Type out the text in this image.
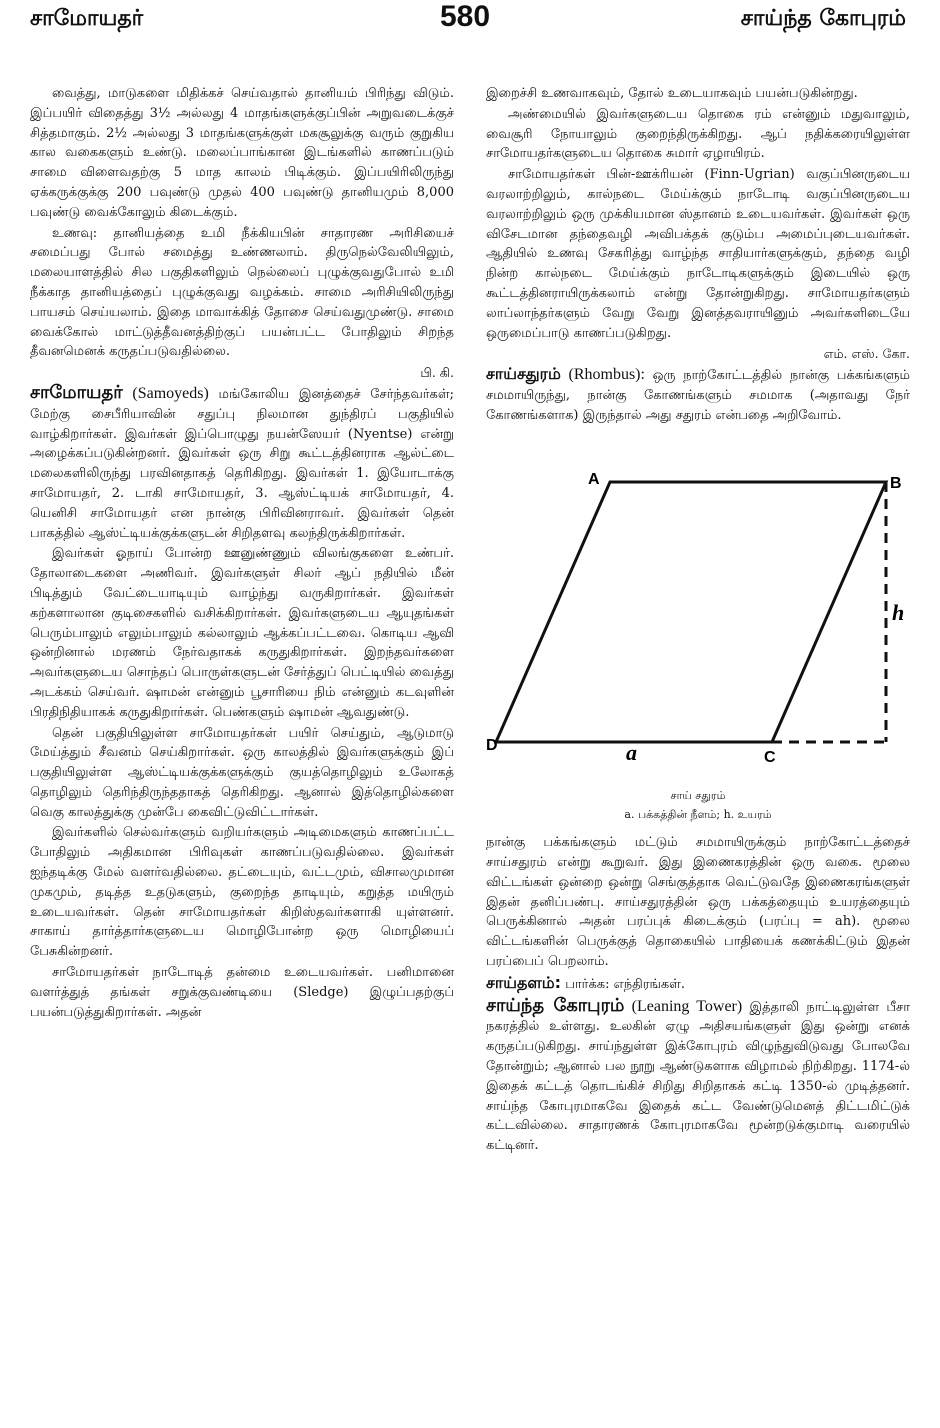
சாமோயதர்	580	சாய்ந்த கோபுரம்

வைத்து, மாடுகளை மிதிக்கச் செய்வதால் தானியம் பிரிந்து விடும். இப்பயிர் விதைத்து 3½ அல்லது 4 மாதங்களுக்குப்பின் அறுவடைக்குச் சித்தமாகும். 2½ அல்லது 3 மாதங்களுக்குள் மகசூலுக்கு வரும் குறுகிய கால வகைகளும் உண்டு. மலைப்பாங்கான இடங்களில் காணப்படும் சாமை விளைவதற்கு 5 மாத காலம் பிடிக்கும். இப்பயிரிலிருந்து ஏக்கருக்குக்கு 200 பவுண்டு முதல் 400 பவுண்டு தானியமும் 8,000 பவுண்டு வைக்கோலும் கிடைக்கும்.

உணவு: தானியத்தை உமி நீக்கியபின் சாதாரண அரிசியைச் சமைப்பது போல் சமைத்து உண்ணலாம். திருநெல்வேலியிலும், மலையாளத்தில் சில பகுதிகளிலும் நெல்லைப் புழுக்குவதுபோல் உமி நீக்காத தானியத்தைப் புழுக்குவது வழக்கம். சாமை அரிசியிலிருந்து பாயசம் செய்யலாம். இதை மாவாக்கித் தோசை செய்வதுமுண்டு. சாமை வைக்கோல் மாட்டுத்தீவனத்திற்குப் பயன்பட்ட போதிலும் சிறந்த தீவனமெனக் கருதப்படுவதில்லை.

பி. கி.

சாமோயதர் (Samoyeds) மங்கோலிய இனத்தைச் சேர்ந்தவர்கள்; மேற்கு சைபீரியாவின் சதுப்பு நிலமான துந்திரப் பகுதியில் வாழ்கிறார்கள். இவர்கள் இப்பொழுது நயன்ஸேயர் (Nyentse) என்று அழைக்கப்படுகின்றனர். இவர்கள் ஒரு சிறு கூட்டத்தினராக ஆல்ட்டை மலைகளிலிருந்து பரவினதாகத் தெரிகிறது. இவர்கள் 1. இயோடாக்கு சாமோயதர், 2. டாகி சாமோயதர், 3. ஆஸ்ட்டியக் சாமோயதர், 4. யெனிசி சாமோயதர் என நான்கு பிரிவினராவர். இவர்கள் தென் பாகத்தில் ஆஸ்ட்டியக்குக்களுடன் சிறிதளவு கலந்திருக்கிறார்கள்.

இவர்கள் ஓநாய் போன்ற ஊனுண்ணும் விலங்குகளை உண்பர். தோலாடைகளை அணிவர். இவர்களுள் சிலர் ஆப் நதியில் மீன் பிடித்தும் வேட்டையாடியும் வாழ்ந்து வருகிறார்கள். இவர்கள் கற்களாலான குடிசைகளில் வசிக்கிறார்கள். இவர்களுடைய ஆயுதங்கள் பெரும்பாலும் எலும்பாலும் கல்லாலும் ஆக்கப்பட்டவை. கொடிய ஆவி ஒன்றினால் மரணம் நேர்வதாகக் கருதுகிறார்கள். இறந்தவர்களை அவர்களுடைய சொந்தப் பொருள்களுடன் சேர்த்துப் பெட்டியில் வைத்து அடக்கம் செய்வர். ஷாமன் என்னும் பூசாரியை நிம் என்னும் கடவுளின் பிரதிநிதியாகக் கருதுகிறார்கள். பெண்களும் ஷாமன் ஆவதுண்டு.

தென் பகுதியிலுள்ள சாமோயதர்கள் பயிர் செய்தும், ஆடுமாடு மேய்த்தும் சீவனம் செய்கிறார்கள். ஒரு காலத்தில் இவர்களுக்கும் இப் பகுதியிலுள்ள ஆஸ்ட்டியக்குக்களுக்கும் குயத்தொழிலும் உலோகத் தொழிலும் தெரிந்திருந்ததாகத் தெரிகிறது. ஆனால் இத்தொழில்களை வெகு காலத்துக்கு முன்பே கைவிட்டுவிட்டார்கள்.

இவர்களில் செல்வர்களும் வறியர்களும் அடிமைகளும் காணப்பட்ட போதிலும் அதிகமான பிரிவுகள் காணப்படுவதில்லை. இவர்கள் ஐந்தடிக்கு மேல் வளர்வதில்லை. தட்டையும், வட்டமும், விசாலமுமான முகமும், தடித்த உதடுகளும், குறைந்த தாடியும், கறுத்த மயிரும் உடையவர்கள். தென் சாமோயதர்கள் கிறிஸ்தவர்களாகி யுள்ளனர். சாகாய் தார்த்தார்களுடைய மொழிபோன்ற ஒரு மொழியைப் பேசுகின்றனர்.

சாமோயதர்கள் நாடோடித் தன்மை உடையவர்கள். பனிமானை வளர்த்துத் தங்கள் சறுக்குவண்டியை (Sledge) இழுப்பதற்குப் பயன்படுத்துகிறார்கள். அதன்

இறைச்சி உணவாகவும், தோல் உடையாகவும் பயன்படுகின்றது.

அண்மையில் இவர்களுடைய தொகை ரம் என்னும் மதுவாலும், வைசூரி நோயாலும் குறைந்திருக்கிறது. ஆப் நதிக்கரையிலுள்ள சாமோயதர்களுடைய தொகை சுமார் ஏழாயிரம்.

சாமோயதர்கள் பின்-ஊக்ரியன் (Finn-Ugrian) வகுப்பினருடைய வரலாற்றிலும், கால்நடை மேய்க்கும் நாடோடி வகுப்பினருடைய வரலாற்றிலும் ஒரு முக்கியமான ஸ்தானம் உடையவர்கள். இவர்கள் ஒரு விசேடமான தந்தைவழி அவிபக்தக் குடும்ப அமைப்புடையவர்கள். ஆதியில் உணவு சேகரித்து வாழ்ந்த சாதியார்களுக்கும், தந்தை வழி நின்ற கால்நடை மேய்க்கும் நாடோடிகளுக்கும் இடையில் ஒரு கூட்டத்தினராயிருக்கலாம் என்று தோன்றுகிறது. சாமோயதர்களும் லாப்லாந்தர்களும் வேறு வேறு இனத்தவராயினும் அவர்களிடையே ஒருமைப்பாடு காணப்படுகிறது.

எம். எஸ். கோ.

சாய்சதுரம் (Rhombus): ஒரு நாற்கோட்டத்தில் நான்கு பக்கங்களும் சமமாயிருந்து, நான்கு கோணங்களும் சமமாக (அதாவது நேர் கோணங்களாக) இருந்தால் அது சதுரம் என்பதை அறிவோம்.

A	B
C
D	a
h
சாய் சதுரம்
a. பக்கத்தின் நீளம்; h. உயரம்

நான்கு பக்கங்களும் மட்டும் சமமாயிருக்கும் நாற்கோட்டத்தைச் சாய்சதுரம் என்று கூறுவர். இது இணைகரத்தின் ஒரு வகை. மூலை விட்டங்கள் ஒன்றை ஒன்று செங்குத்தாக வெட்டுவதே இணைகரங்களுள் இதன் தனிப்பண்பு. சாய்சதுரத்தின் ஒரு பக்கத்தையும் உயரத்தையும் பெருக்கினால் அதன் பரப்புக் கிடைக்கும் (பரப்பு = ah). மூலை விட்டங்களின் பெருக்குத் தொகையில் பாதியைக் கணக்கிட்டும் இதன் பரப்பைப் பெறலாம்.

சாய்தளம்: பார்க்க: எந்திரங்கள்.

சாய்ந்த கோபுரம் (Leaning Tower) இத்தாலி நாட்டிலுள்ள பீசா நகரத்தில் உள்ளது. உலகின் ஏழு அதிசயங்களுள் இது ஒன்று எனக் கருதப்படுகிறது. சாய்ந்துள்ள இக்கோபுரம் விழுந்துவிடுவது போலவே தோன்றும்; ஆனால் பல நூறு ஆண்டுகளாக விழாமல் நிற்கிறது. 1174-ல் இதைக் கட்டத் தொடங்கிச் சிறிது சிறிதாகக் கட்டி 1350-ல் முடித்தனர். சாய்ந்த கோபுரமாகவே இதைக் கட்ட வேண்டுமெனத் திட்டமிட்டுக் கட்டவில்லை. சாதாரணக் கோபுரமாகவே மூன்றடுக்குமாடி வரையில் கட்டினர்.
